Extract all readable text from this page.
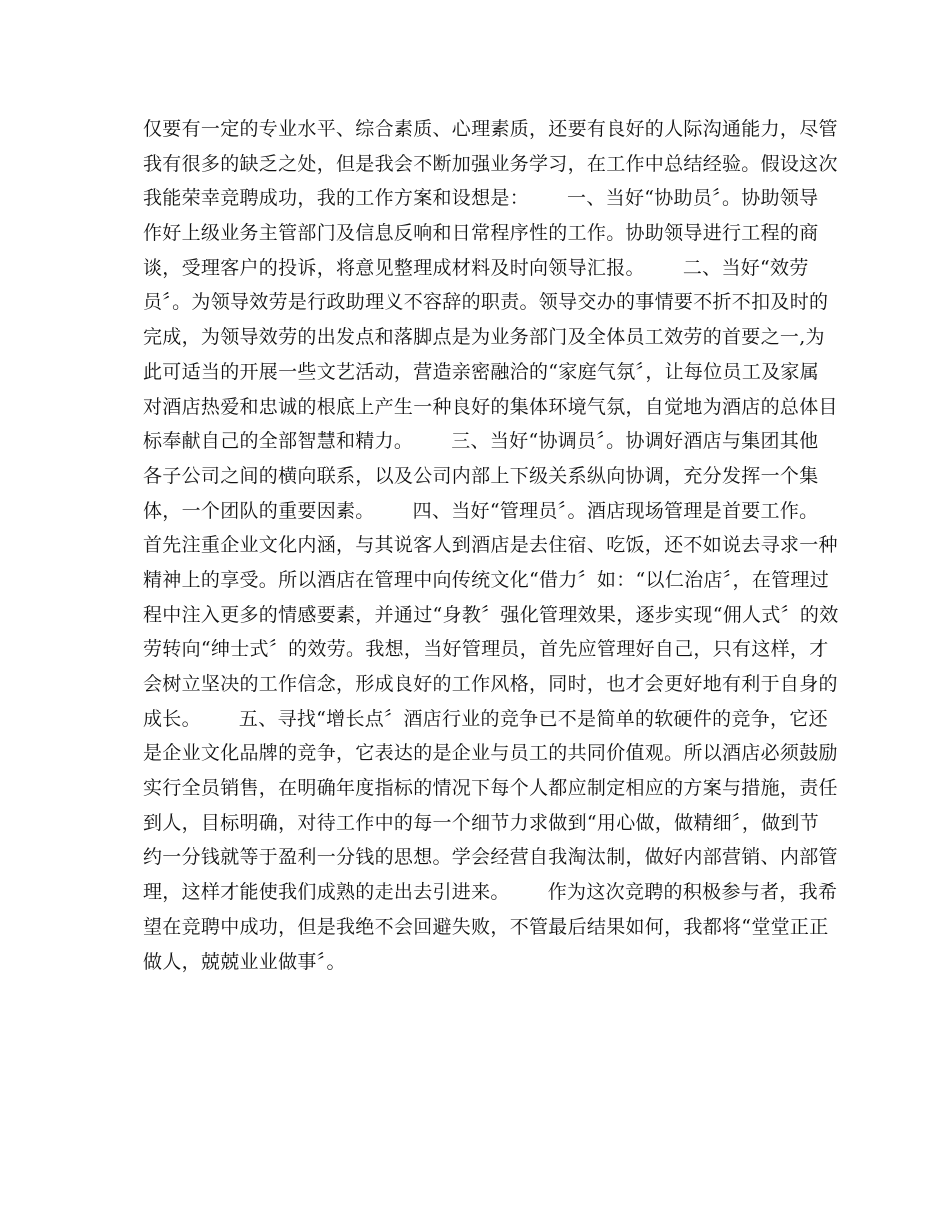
仅要有一定的专业水平、综合素质、心理素质，还要有良好的人际沟通能力，尽管
我有很多的缺乏之处，但是我会不断加强业务学习，在工作中总结经验。假设这次
我能荣幸竞聘成功，我的工作方案和设想是：      一、当好“协助员〞。协助领导
作好上级业务主管部门及信息反响和日常程序性的工作。协助领导进行工程的商
谈，受理客户的投诉，将意见整理成材料及时向领导汇报。      二、当好“效劳
员〞。为领导效劳是行政助理义不容辞的职责。领导交办的事情要不折不扣及时的
完成，为领导效劳的出发点和落脚点是为业务部门及全体员工效劳的首要之一,为
此可适当的开展一些文艺活动，营造亲密融洽的“家庭气氛〞，让每位员工及家属
对酒店热爱和忠诚的根底上产生一种良好的集体环境气氛，自觉地为酒店的总体目
标奉献自己的全部智慧和精力。      三、当好“协调员〞。协调好酒店与集团其他
各子公司之间的横向联系，以及公司内部上下级关系纵向协调，充分发挥一个集
体，一个团队的重要因素。      四、当好“管理员〞。酒店现场管理是首要工作。
首先注重企业文化内涵，与其说客人到酒店是去住宿、吃饭，还不如说去寻求一种
精神上的享受。所以酒店在管理中向传统文化“借力〞如：“以仁治店〞，在管理过
程中注入更多的情感要素，并通过“身教〞强化管理效果，逐步实现“佣人式〞的效
劳转向“绅士式〞的效劳。我想，当好管理员，首先应管理好自己，只有这样，才
会树立坚决的工作信念，形成良好的工作风格，同时，也才会更好地有利于自身的
成长。      五、寻找“增长点〞酒店行业的竞争已不是简单的软硬件的竞争，它还
是企业文化品牌的竞争，它表达的是企业与员工的共同价值观。所以酒店必须鼓励
实行全员销售，在明确年度指标的情况下每个人都应制定相应的方案与措施，责任
到人，目标明确，对待工作中的每一个细节力求做到“用心做，做精细〞，做到节
约一分钱就等于盈利一分钱的思想。学会经营自我淘汰制，做好内部营销、内部管
理，这样才能使我们成熟的走出去引进来。      作为这次竞聘的积极参与者，我希
望在竞聘中成功，但是我绝不会回避失败，不管最后结果如何，我都将“堂堂正正
做人，兢兢业业做事〞。
